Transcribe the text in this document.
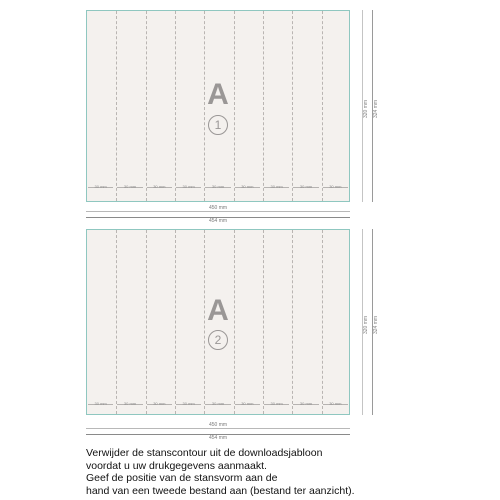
A
1
30 mm	30 mm	30 mm	30 mm	30 mm	30 mm	30 mm	30 mm	30 mm
450 mm
454 mm
320 mm 324 mm
A
2
30 mm	30 mm	30 mm	30 mm	30 mm	30 mm	30 mm	30 mm	30 mm
450 mm
454 mm
320 mm 324 mm
Verwijder de stanscontour uit de downloadsjabloon
voordat u uw drukgegevens aanmaakt.
Geef de positie van de stansvorm aan de
hand van een tweede bestand aan (bestand ter aanzicht).
